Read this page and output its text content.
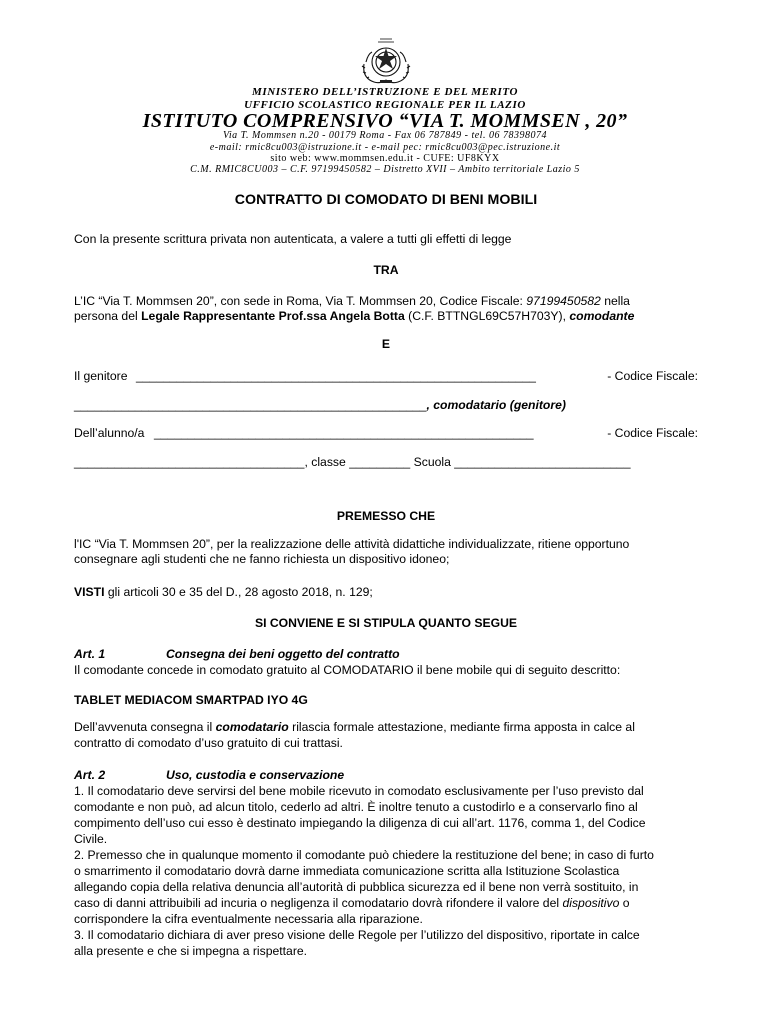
MINISTERO DELL’ISTRUZIONE E DEL MERITO
UFFICIO SCOLASTICO REGIONALE PER IL LAZIO
ISTITUTO COMPRENSIVO “VIA T. MOMMSEN , 20”
Via T. Mommsen n.20 - 00179 Roma - Fax 06 787849 - tel. 06 78398074
e-mail: rmic8cu003@istruzione.it - e-mail pec: rmic8cu003@pec.istruzione.it
sito web: www.mommsen.edu.it - CUFE: UF8KYX
C.M. RMIC8CU003 – C.F. 97199450582 – Distretto XVII – Ambito territoriale Lazio 5
CONTRATTO DI COMODATO DI BENI MOBILI
Con la presente scrittura privata non autenticata, a valere a tutti gli effetti di legge
TRA
L’IC “Via T. Mommsen 20”, con sede in Roma, Via T. Mommsen 20, Codice Fiscale: 97199450582 nella
persona del Legale Rappresentante Prof.ssa Angela Botta (C.F. BTTNGL69C57H703Y), comodante
E
Il genitore ___________________________________________________________	- Codice Fiscale:
____________________________________________________, comodatario (genitore)
Dell’alunno/a ________________________________________________________	- Codice Fiscale:
__________________________________, classe _________ Scuola __________________________
PREMESSO CHE
l'IC “Via T. Mommsen 20”, per la realizzazione delle attività didattiche individualizzate, ritiene opportuno
consegnare agli studenti che ne fanno richiesta un dispositivo idoneo;
VISTI gli articoli 30 e 35 del D., 28 agosto 2018, n. 129;
SI CONVIENE E SI STIPULA QUANTO SEGUE
Art. 1	Consegna dei beni oggetto del contratto
Il comodante concede in comodato gratuito al COMODATARIO il bene mobile qui di seguito descritto:
TABLET MEDIACOM SMARTPAD IYO 4G
Dell’avvenuta consegna il comodatario rilascia formale attestazione, mediante firma apposta in calce al
contratto di comodato d’uso gratuito di cui trattasi.
Art. 2	Uso, custodia e conservazione
1. Il comodatario deve servirsi del bene mobile ricevuto in comodato esclusivamente per l’uso previsto dal
comodante e non può, ad alcun titolo, cederlo ad altri. È inoltre tenuto a custodirlo e a conservarlo fino al
compimento dell’uso cui esso è destinato impiegando la diligenza di cui all’art. 1176, comma 1, del Codice
Civile.
2. Premesso che in qualunque momento il comodante può chiedere la restituzione del bene; in caso di furto
o smarrimento il comodatario dovrà darne immediata comunicazione scritta alla Istituzione Scolastica
allegando copia della relativa denuncia all’autorità di pubblica sicurezza ed il bene non verrà sostituito, in
caso di danni attribuibili ad incuria o negligenza il comodatario dovrà rifondere il valore del dispositivo o
corrispondere la cifra eventualmente necessaria alla riparazione.
3. Il comodatario dichiara di aver preso visione delle Regole per l’utilizzo del dispositivo, riportate in calce
alla presente e che si impegna a rispettare.
